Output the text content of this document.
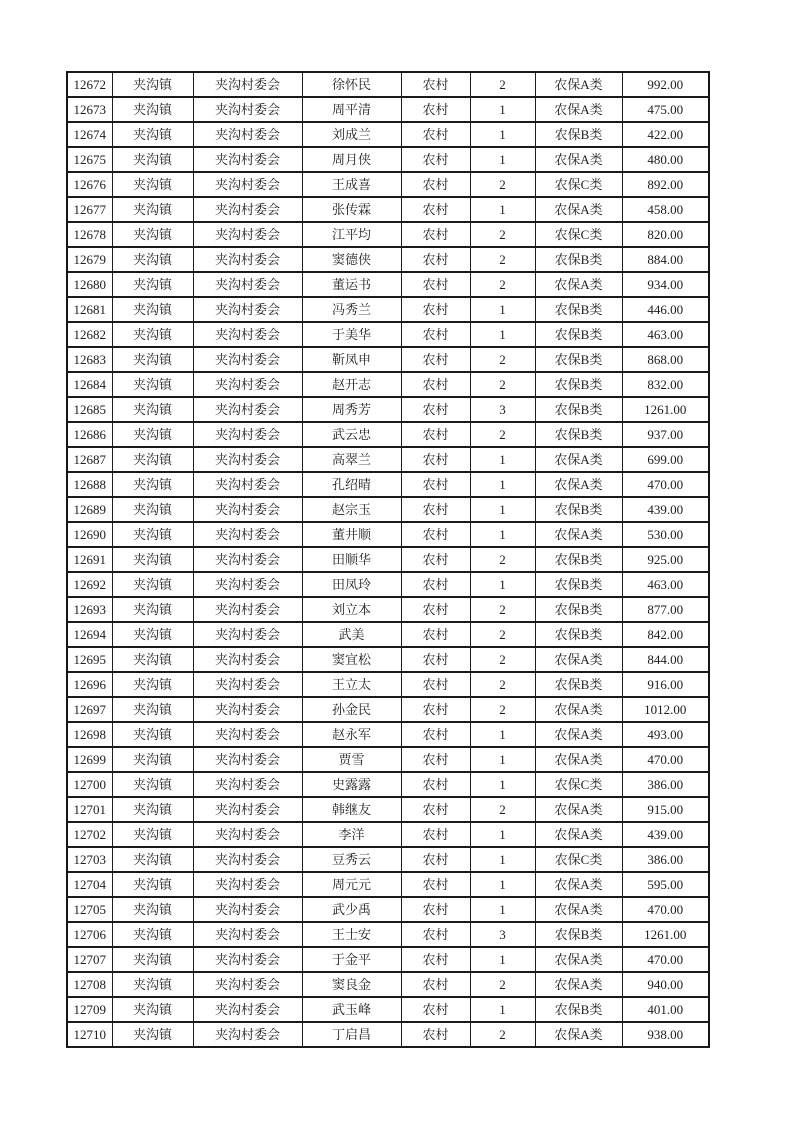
12672	夹沟镇	夹沟村委会	徐怀民	农村	2	农保A类	992.00
12673	夹沟镇	夹沟村委会	周平清	农村	1	农保A类	475.00
12674	夹沟镇	夹沟村委会	刘成兰	农村	1	农保B类	422.00
12675	夹沟镇	夹沟村委会	周月侠	农村	1	农保A类	480.00
12676	夹沟镇	夹沟村委会	王成喜	农村	2	农保C类	892.00
12677	夹沟镇	夹沟村委会	张传霖	农村	1	农保A类	458.00
12678	夹沟镇	夹沟村委会	江平均	农村	2	农保C类	820.00
12679	夹沟镇	夹沟村委会	窦德侠	农村	2	农保B类	884.00
12680	夹沟镇	夹沟村委会	董运书	农村	2	农保A类	934.00
12681	夹沟镇	夹沟村委会	冯秀兰	农村	1	农保B类	446.00
12682	夹沟镇	夹沟村委会	于美华	农村	1	农保B类	463.00
12683	夹沟镇	夹沟村委会	靳凤申	农村	2	农保B类	868.00
12684	夹沟镇	夹沟村委会	赵开志	农村	2	农保B类	832.00
12685	夹沟镇	夹沟村委会	周秀芳	农村	3	农保B类	1261.00
12686	夹沟镇	夹沟村委会	武云忠	农村	2	农保B类	937.00
12687	夹沟镇	夹沟村委会	高翠兰	农村	1	农保A类	699.00
12688	夹沟镇	夹沟村委会	孔绍晴	农村	1	农保A类	470.00
12689	夹沟镇	夹沟村委会	赵宗玉	农村	1	农保B类	439.00
12690	夹沟镇	夹沟村委会	董井顺	农村	1	农保A类	530.00
12691	夹沟镇	夹沟村委会	田顺华	农村	2	农保B类	925.00
12692	夹沟镇	夹沟村委会	田凤玲	农村	1	农保B类	463.00
12693	夹沟镇	夹沟村委会	刘立本	农村	2	农保B类	877.00
12694	夹沟镇	夹沟村委会	武美	农村	2	农保B类	842.00
12695	夹沟镇	夹沟村委会	窦宜松	农村	2	农保A类	844.00
12696	夹沟镇	夹沟村委会	王立太	农村	2	农保B类	916.00
12697	夹沟镇	夹沟村委会	孙金民	农村	2	农保A类	1012.00
12698	夹沟镇	夹沟村委会	赵永军	农村	1	农保A类	493.00
12699	夹沟镇	夹沟村委会	贾雪	农村	1	农保A类	470.00
12700	夹沟镇	夹沟村委会	史露露	农村	1	农保C类	386.00
12701	夹沟镇	夹沟村委会	韩继友	农村	2	农保A类	915.00
12702	夹沟镇	夹沟村委会	李洋	农村	1	农保A类	439.00
12703	夹沟镇	夹沟村委会	豆秀云	农村	1	农保C类	386.00
12704	夹沟镇	夹沟村委会	周元元	农村	1	农保A类	595.00
12705	夹沟镇	夹沟村委会	武少禹	农村	1	农保A类	470.00
12706	夹沟镇	夹沟村委会	王士安	农村	3	农保B类	1261.00
12707	夹沟镇	夹沟村委会	于金平	农村	1	农保A类	470.00
12708	夹沟镇	夹沟村委会	窦良金	农村	2	农保A类	940.00
12709	夹沟镇	夹沟村委会	武玉峰	农村	1	农保B类	401.00
12710	夹沟镇	夹沟村委会	丁启昌	农村	2	农保A类	938.00
